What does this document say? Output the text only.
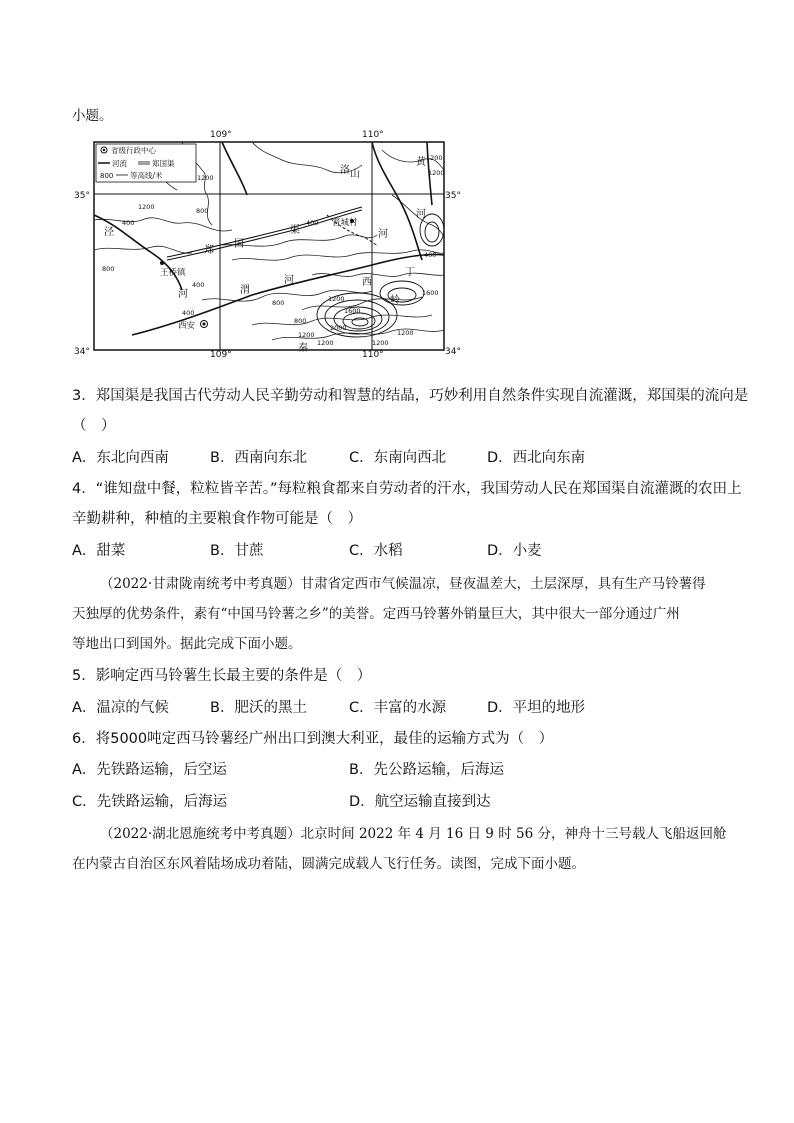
小题。
109°	110°
109°	110°
35°	35°
34°	34°
省级行政中心
河流	郑国渠
800 等高线/米
西安
王桥镇
晋城村
泾
郑
国
渠
河	渭
河
洛
黄
河
河
西
丁
岭
秦
山
1200
1200
800
1200
400
800
400
1200
400
400
1600
1200
800
1200
2000
1600
1200
800
1200
400
1200
3．郑国渠是我国古代劳动人民辛勤劳动和智慧的结晶，巧妙利用自然条件实现自流灌溉，郑国渠的流向是
（　）
A．东北向西南	B．西南向东北	C．东南向西北	D．西北向东南
4．“谁知盘中餐，粒粒皆辛苦。”每粒粮食都来自劳动者的汗水，我国劳动人民在郑国渠自流灌溉的农田上
辛勤耕种，种植的主要粮食作物可能是（　）
A．甜菜	B．甘蔗	C．水稻	D．小麦
（2022·甘肃陇南统考中考真题）甘肃省定西市气候温凉，昼夜温差大，土层深厚，具有生产马铃薯得
天独厚的优势条件，素有“中国马铃薯之乡”的美誉。定西马铃薯外销量巨大，其中很大一部分通过广州
等地出口到国外。据此完成下面小题。
5．影响定西马铃薯生长最主要的条件是（　）
A．温凉的气候	B．肥沃的黑土	C．丰富的水源	D．平坦的地形
6．将5000吨定西马铃薯经广州出口到澳大利亚，最佳的运输方式为（　）
A．先铁路运输，后空运	B．先公路运输，后海运
C．先铁路运输，后海运	D．航空运输直接到达
（2022·湖北恩施统考中考真题）北京时间 2022 年 4 月 16 日 9 时 56 分，神舟十三号载人飞船返回舱
在内蒙古自治区东风着陆场成功着陆，圆满完成载人飞行任务。读图，完成下面小题。
